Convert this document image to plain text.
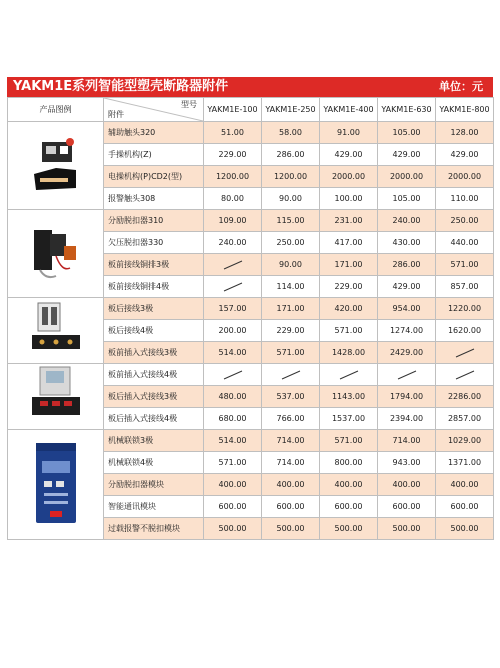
YAKM1E系列智能型塑壳断路器附件	单位：元
产品图例	型号
附件	YAKM1E-100	YAKM1E-250	YAKM1E-400	YAKM1E-630	YAKM1E-800
	辅助触头320	51.00	58.00	91.00	105.00	128.00
	手操机构(Z)	229.00	286.00	429.00	429.00	429.00
	电操机构(P)CD2(型)	1200.00	1200.00	2000.00	2000.00	2000.00
	报警触头308	80.00	90.00	100.00	105.00	110.00
	分励脱扣器310	109.00	115.00	231.00	240.00	250.00
	欠压脱扣器330	240.00	250.00	417.00	430.00	440.00
	板前接线铜排3极		90.00	171.00	286.00	571.00
	板前接线铜排4极		114.00	229.00	429.00	857.00
	板后接线3极	157.00	171.00	420.00	954.00	1220.00
	板后接线4极	200.00	229.00	571.00	1274.00	1620.00
	板前插入式接线3极	514.00	571.00	1428.00	2429.00	

	板前插入式接线4极	

	板后插入式接线3极	480.00	537.00	1143.00	1794.00	2286.00
	板后插入式接线4极	680.00	766.00	1537.00	2394.00	2857.00
	机械联锁3极	514.00	714.00	571.00	714.00	1029.00
	机械联锁4极	571.00	714.00	800.00	943.00	1371.00
	分励脱扣器模块	400.00	400.00	400.00	400.00	400.00
	智能通讯模块	600.00	600.00	600.00	600.00	600.00
	过载报警不脱扣模块	500.00	500.00	500.00	500.00	500.00
